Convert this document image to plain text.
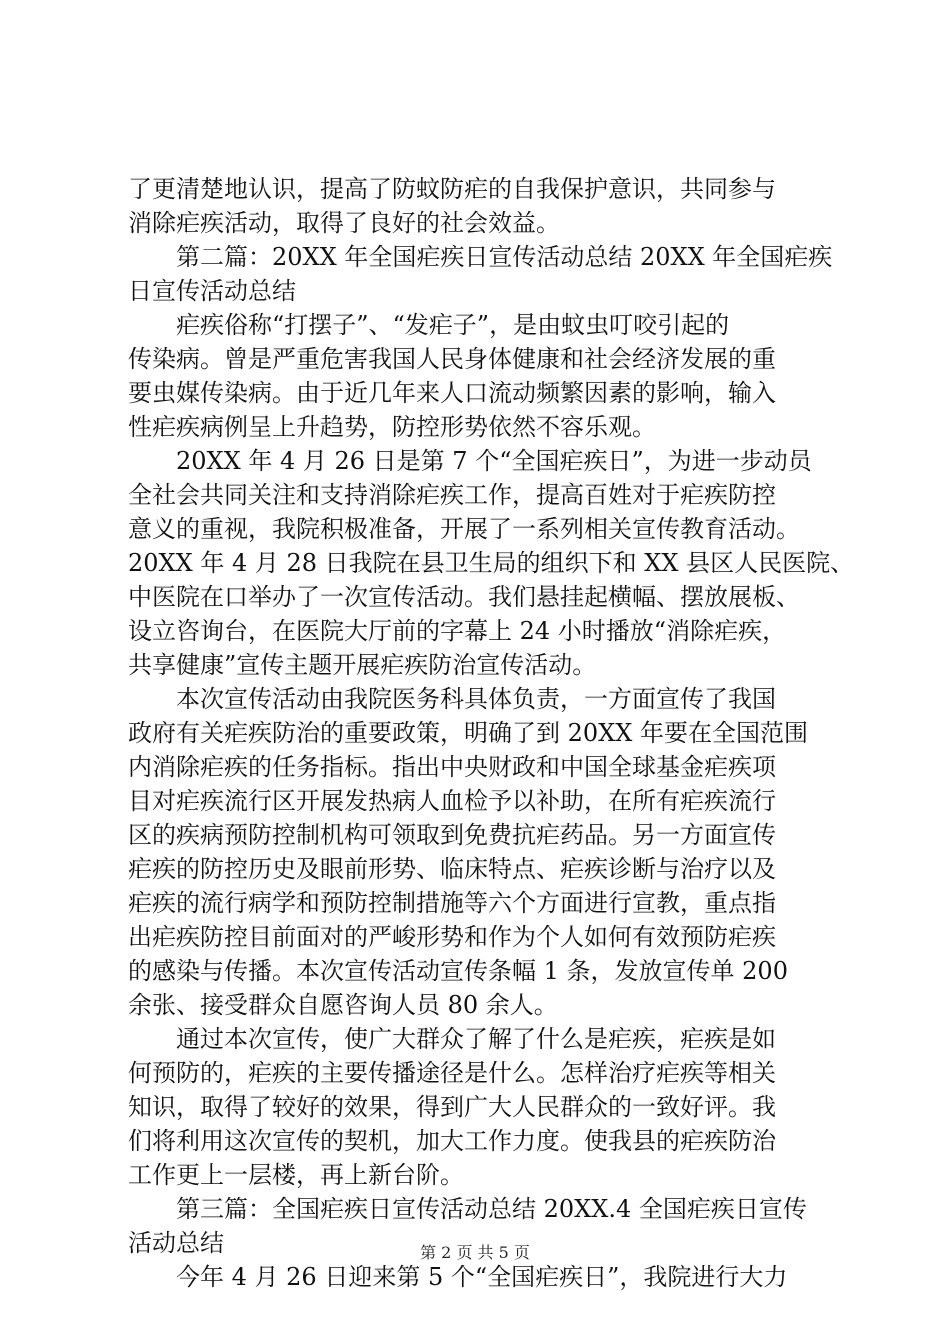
了更清楚地认识，提高了防蚊防疟的自我保护意识，共同参与
消除疟疾活动，取得了良好的社会效益。
第二篇：20XX 年全国疟疾日宣传活动总结 20XX 年全国疟疾
日宣传活动总结
疟疾俗称“打摆子”、“发疟子”，是由蚊虫叮咬引起的
传染病。曾是严重危害我国人民身体健康和社会经济发展的重
要虫媒传染病。由于近几年来人口流动频繁因素的影响，输入
性疟疾病例呈上升趋势，防控形势依然不容乐观。
20XX 年 4 月 26 日是第 7 个“全国疟疾日”，为进一步动员
全社会共同关注和支持消除疟疾工作，提高百姓对于疟疾防控
意义的重视，我院积极准备，开展了一系列相关宣传教育活动。
20XX 年 4 月 28 日我院在县卫生局的组织下和 XX 县区人民医院、
中医院在口举办了一次宣传活动。我们悬挂起横幅、摆放展板、
设立咨询台，在医院大厅前的字幕上 24 小时播放“消除疟疾，
共享健康”宣传主题开展疟疾防治宣传活动。
本次宣传活动由我院医务科具体负责，一方面宣传了我国
政府有关疟疾防治的重要政策，明确了到 20XX 年要在全国范围
内消除疟疾的任务指标。指出中央财政和中国全球基金疟疾项
目对疟疾流行区开展发热病人血检予以补助，在所有疟疾流行
区的疾病预防控制机构可领取到免费抗疟药品。另一方面宣传
疟疾的防控历史及眼前形势、临床特点、疟疾诊断与治疗以及
疟疾的流行病学和预防控制措施等六个方面进行宣教，重点指
出疟疾防控目前面对的严峻形势和作为个人如何有效预防疟疾
的感染与传播。本次宣传活动宣传条幅 1 条，发放宣传单 200
余张、接受群众自愿咨询人员 80 余人。
通过本次宣传，使广大群众了解了什么是疟疾，疟疾是如
何预防的，疟疾的主要传播途径是什么。怎样治疗疟疾等相关
知识，取得了较好的效果，得到广大人民群众的一致好评。我
们将利用这次宣传的契机，加大工作力度。使我县的疟疾防治
工作更上一层楼，再上新台阶。
第三篇：全国疟疾日宣传活动总结 20XX.4 全国疟疾日宣传
活动总结
今年 4 月 26 日迎来第 5 个“全国疟疾日”，我院进行大力
第 2 页 共 5 页
